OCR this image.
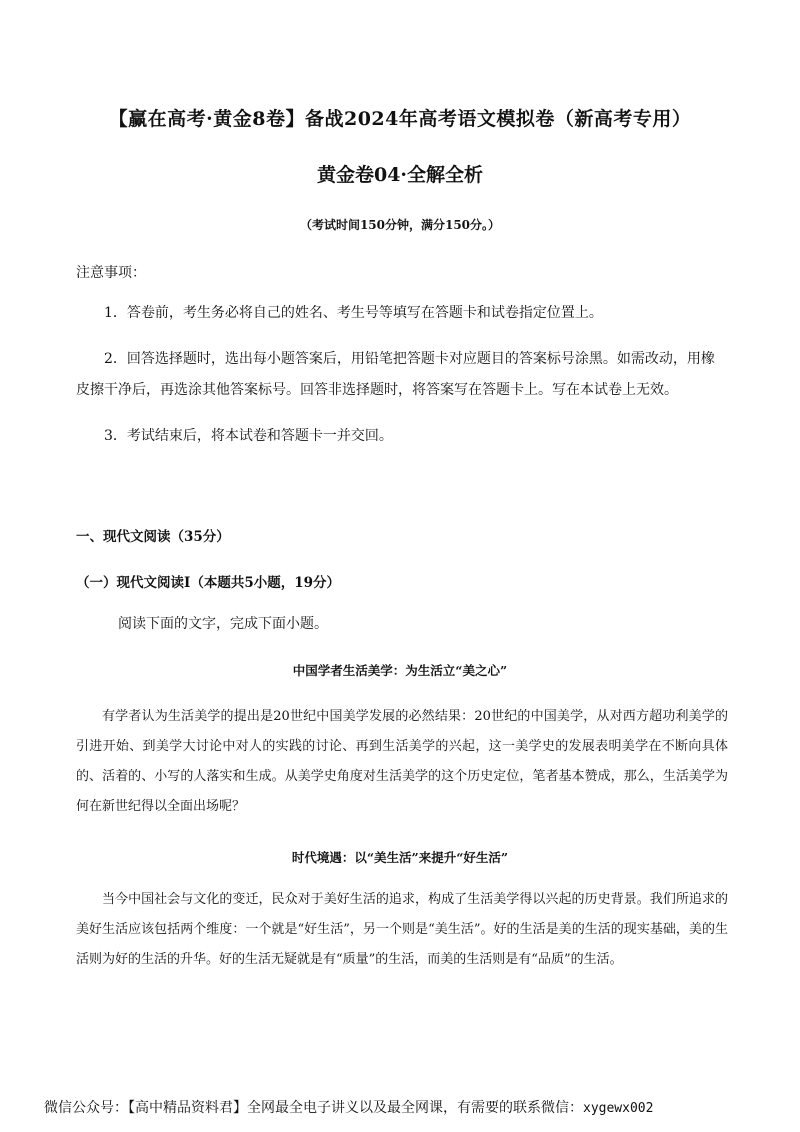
【赢在高考·黄金8卷】备战2024年高考语文模拟卷（新高考专用）
黄金卷04·全解全析

（考试时间150分钟，满分150分。）

注意事项：

1．答卷前，考生务必将自己的姓名、考生号等填写在答题卡和试卷指定位置上。

2．回答选择题时，选出每小题答案后，用铅笔把答题卡对应题目的答案标号涂黑。如需改动，用橡皮擦干净后，再选涂其他答案标号。回答非选择题时，将答案写在答题卡上。写在本试卷上无效。

3．考试结束后，将本试卷和答题卡一并交回。

一、现代文阅读（35分）
（一）现代文阅读Ⅰ（本题共5小题，19分）

阅读下面的文字，完成下面小题。

中国学者生活美学：为生活立“美之心”

有学者认为生活美学的提出是20世纪中国美学发展的必然结果：20世纪的中国美学，从对西方超功利美学的引进开始、到美学大讨论中对人的实践的讨论、再到生活美学的兴起，这一美学史的发展表明美学在不断向具体的、活着的、小写的人落实和生成。从美学史角度对生活美学的这个历史定位，笔者基本赞成，那么，生活美学为何在新世纪得以全面出场呢？

时代境遇：以“美生活”来提升“好生活”

当今中国社会与文化的变迁，民众对于美好生活的追求，构成了生活美学得以兴起的历史背景。我们所追求的美好生活应该包括两个维度：一个就是“好生活”，另一个则是“美生活”。好的生活是美的生活的现实基础，美的生活则为好的生活的升华。好的生活无疑就是有“质量”的生活，而美的生活则是有“品质”的生活。

微信公众号：【高中精品资料君】全网最全电子讲义以及最全网课，有需要的联系微信：xygewx002
